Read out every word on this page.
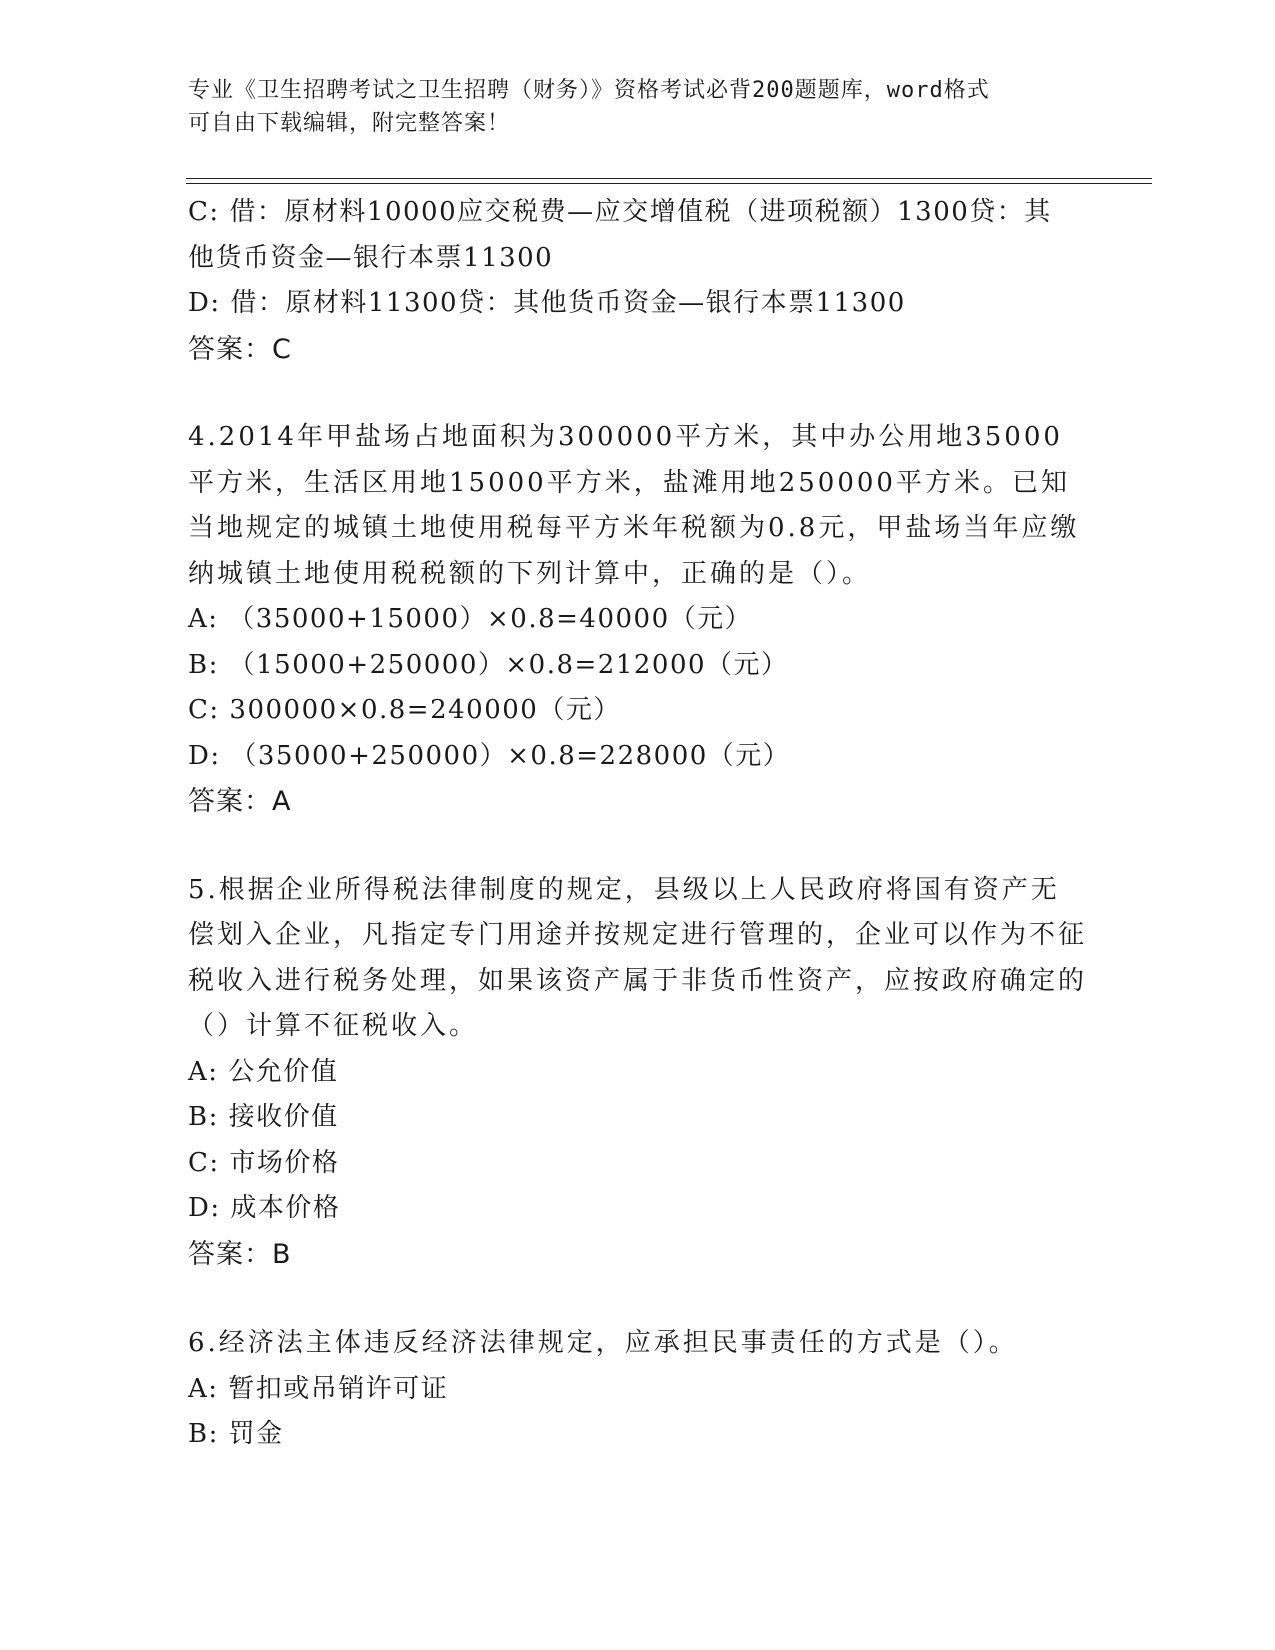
专业《卫生招聘考试之卫生招聘（财务）》资格考试必背200题题库，word格式
可自由下载编辑，附完整答案！

C: 借：原材料10000应交税费—应交增值税（进项税额）1300贷：其

他货币资金—银行本票11300

D: 借：原材料11300贷：其他货币资金—银行本票11300

答案：C

4.2014年甲盐场占地面积为300000平方米，其中办公用地35000平方米，生活区用地15000平方米，盐滩用地250000平方米。已知当地规定的城镇土地使用税每平方米年税额为0.8元，甲盐场当年应缴纳城镇土地使用税税额的下列计算中，正确的是（）。

A: （35000+15000）×0.8=40000（元）

B: （15000+250000）×0.8=212000（元）

C: 300000×0.8=240000（元）

D: （35000+250000）×0.8=228000（元）

答案：A

5.根据企业所得税法律制度的规定，县级以上人民政府将国有资产无偿划入企业，凡指定专门用途并按规定进行管理的，企业可以作为不征税收入进行税务处理，如果该资产属于非货币性资产，应按政府确定的（）计算不征税收入。

A: 公允价值

B: 接收价值

C: 市场价格

D: 成本价格

答案：B

6.经济法主体违反经济法律规定，应承担民事责任的方式是（）。

A: 暂扣或吊销许可证

B: 罚金
